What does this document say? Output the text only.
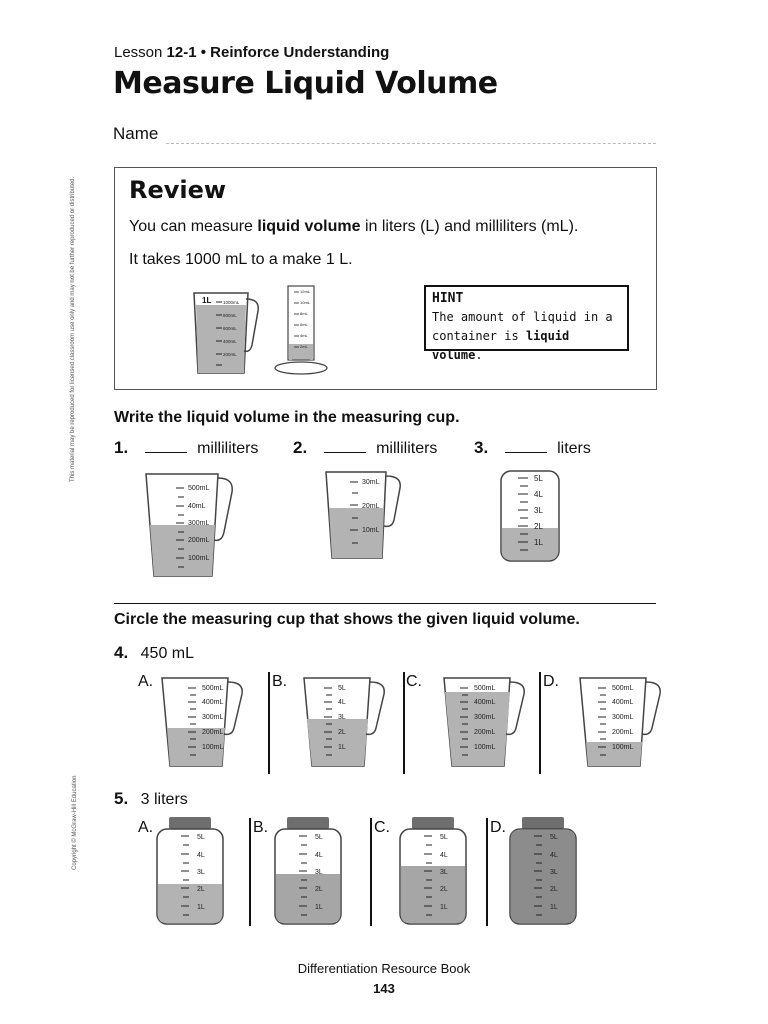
Lesson 12-1 • Reinforce Understanding
Measure Liquid Volume
Name
This material may be reproduced for licensed classroom use only and may not be further reproduced or distributed.
Copyright © McGraw-Hill Education
Review
You can measure liquid volume in liters (L) and milliliters (mL).
It takes 1000 mL to a make 1 L.
1L	1000mL
800mL
600mL
400mL
200mL
12mL
10mL
8mL
6mL
4mL
2mL
HINT
The amount of liquid in a
container is liquid volume.
Write the liquid volume in the measuring cup.
1.	milliliters 2.	milliliters 3.	liters
500mL
40mL
300mL
200mL
100mL
30mL
20mL
10mL
5L
4L
3L
2L
1L
Circle the measuring cup that shows the given liquid volume.
4. 450 mL
A.	500mL
400mL
300mL
200mL
100mL
B.	5L
4L
3L
2L
1L
C.	500mL
400mL
300mL
200mL
100mL
D.	500mL
400mL
300mL
200mL
100mL
5. 3 liters
A.
5L
4L
3L
2L
1L
B.
5L
4L
3L
2L
1L
C.
5L
4L
3L
2L
1L
D.
5L
4L
3L
2L
1L
Differentiation Resource Book
143
